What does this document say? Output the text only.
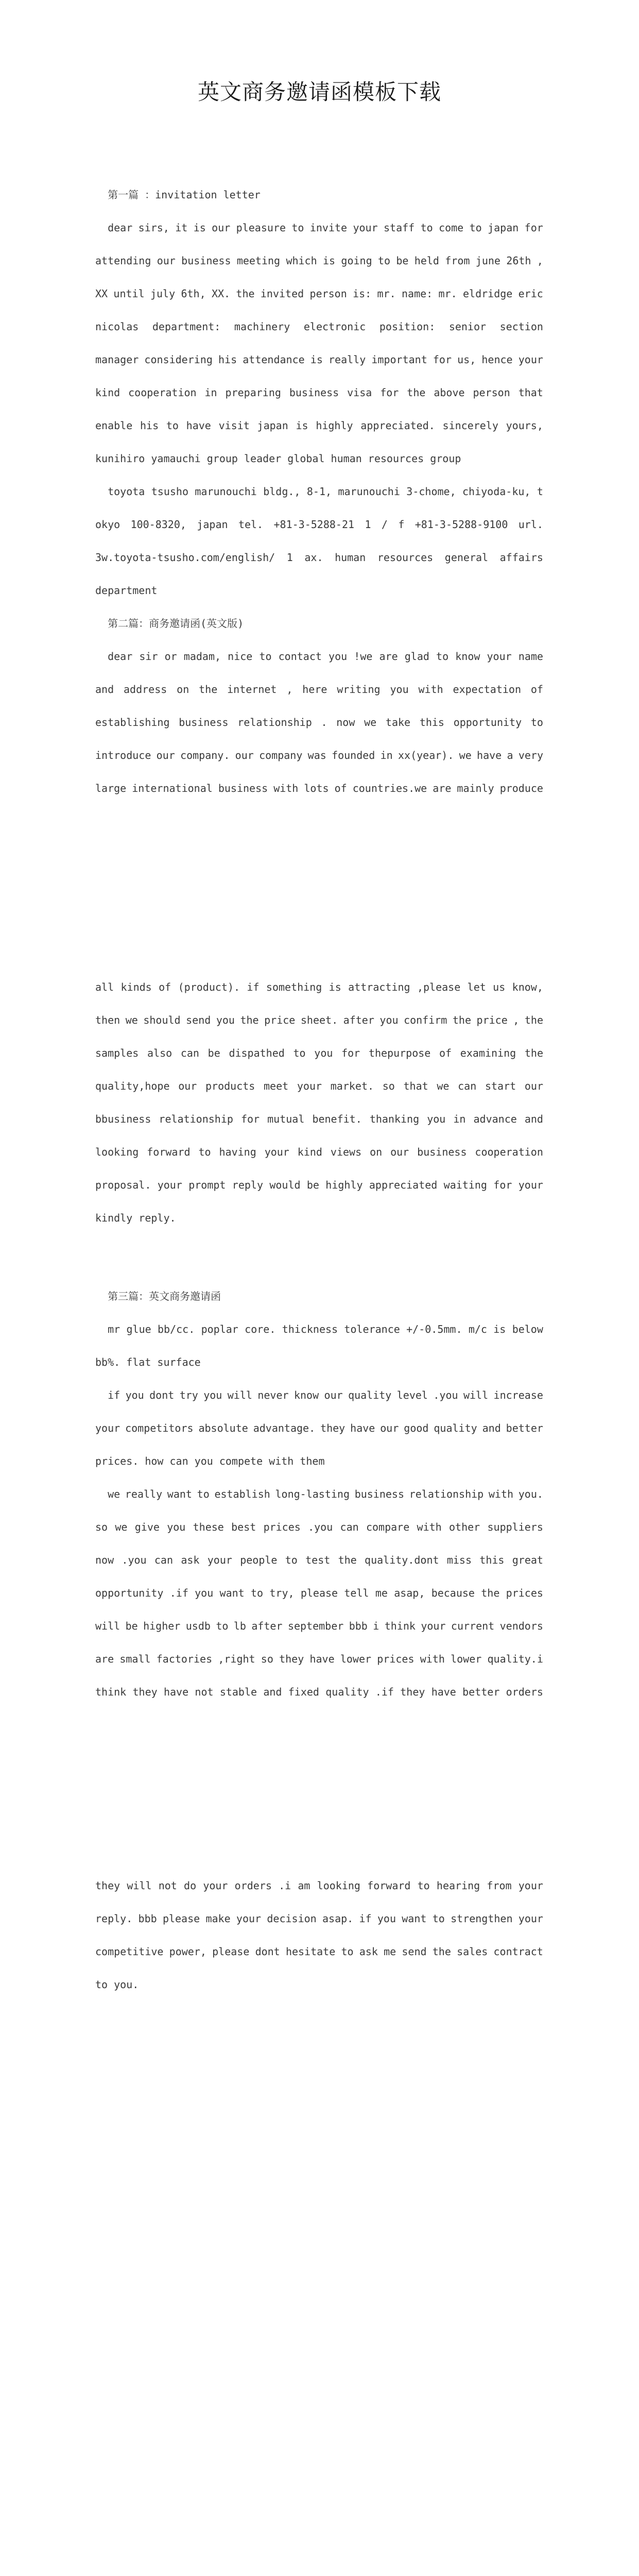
英文商务邀请函模板下载
第一篇 ：invitation letter
dear sirs, it is our pleasure to invite your staff to come to japan for
attending our business meeting which is going to be held from june 26th ,
XX until july 6th, XX. the invited person is: mr. name: mr. eldridge eric
nicolas department: machinery electronic position: senior section
manager considering his attendance is really important for us, hence your
kind cooperation in preparing business visa for the above person that
enable his to have visit japan is highly appreciated. sincerely yours,
kunihiro yamauchi group leader global human resources group
toyota tsusho marunouchi bldg., 8-1, marunouchi 3-chome, chiyoda-ku, t
okyo 100-8320, japan tel. +81-3-5288-21 1 / f +81-3-5288-9100 url.
3w.toyota-tsusho.com/english/ 1 ax. human resources general affairs
department
第二篇：商务邀请函(英文版)
dear sir or madam, nice to contact you !we are glad to know your name
and address on the internet , here writing you with expectation of
establishing business relationship . now we take this opportunity to
introduce our company. our company was founded in xx(year). we have a very
large international business with lots of countries.we are mainly produce
all kinds of (product). if something is attracting ,please let us know,
then we should send you the price sheet. after you confirm the price , the
samples also can be dispathed to you for thepurpose of examining the
quality,hope our products meet your market. so that we can start our
bbusiness relationship for mutual benefit. thanking you in advance and
looking forward to having your kind views on our business cooperation
proposal. your prompt reply would be highly appreciated waiting for your
kindly reply.
第三篇：英文商务邀请函
mr glue bb/cc. poplar core. thickness tolerance +/-0.5mm. m/c is below
bb%. flat surface
if you dont try you will never know our quality level .you will increase
your competitors absolute advantage. they have our good quality and better
prices. how can you compete with them
we really want to establish long-lasting business relationship with you.
so we give you these best prices .you can compare with other suppliers
now .you can ask your people to test the quality.dont miss this great
opportunity .if you want to try, please tell me asap, because the prices
will be higher usdb to lb after september bbb i think your current vendors
are small factories ,right so they have lower prices with lower quality.i
think they have not stable and fixed quality .if they have better orders
they will not do your orders .i am looking forward to hearing from your
reply. bbb please make your decision asap. if you want to strengthen your
competitive power, please dont hesitate to ask me send the sales contract
to you.
